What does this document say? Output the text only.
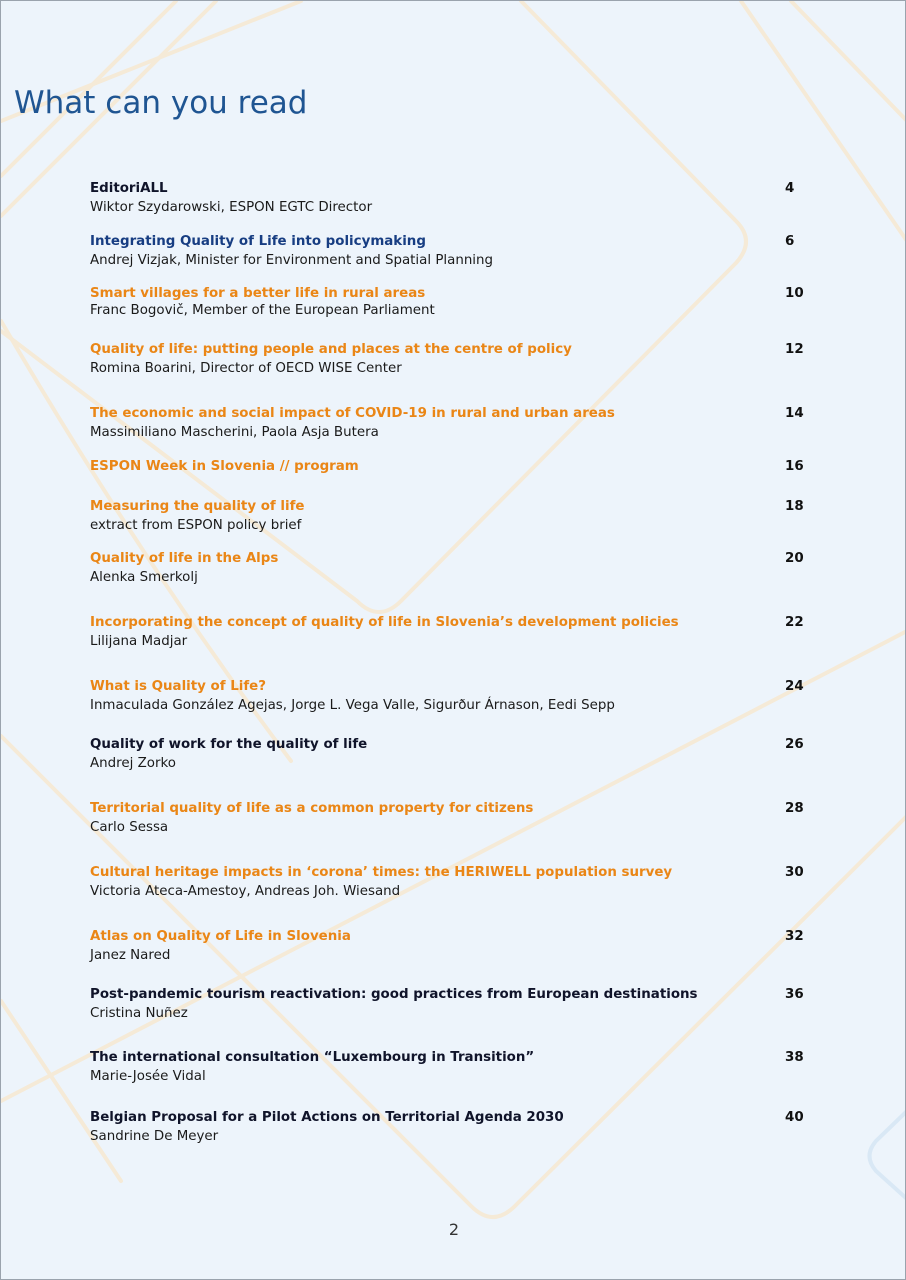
What can you read
EditoriALL
Wiktor Szydarowski, ESPON EGTC Director
4
Integrating Quality of Life into policymaking
Andrej Vizjak, Minister for Environment and Spatial Planning
6
Smart villages for a better life in rural areas
Franc Bogovič, Member of the European Parliament
10
Quality of life: putting people and places at the centre of policy
Romina Boarini, Director of OECD WISE Center
12
The economic and social impact of COVID-19 in rural and urban areas
Massimiliano Mascherini, Paola Asja Butera
14
ESPON Week in Slovenia // program	16
Measuring the quality of life
extract from ESPON policy brief
18
Quality of life in the Alps
Alenka Smerkolj
20
Incorporating the concept of quality of life in Slovenia’s development policies
Lilijana Madjar
22
What is Quality of Life?
Inmaculada González Agejas, Jorge L. Vega Valle, Sigurður Árnason, Eedi Sepp
24
Quality of work for the quality of life
Andrej Zorko
26
Territorial quality of life as a common property for citizens
Carlo Sessa
28
Cultural heritage impacts in ‘corona’ times: the HERIWELL population survey
Victoria Ateca-Amestoy, Andreas Joh. Wiesand
30
Atlas on Quality of Life in Slovenia
Janez Nared
32
Post-pandemic tourism reactivation: good practices from European destinations
Cristina Nuñez
36
The international consultation “Luxembourg in Transition”
Marie-Josée Vidal
38
Belgian Proposal for a Pilot Actions on Territorial Agenda 2030
Sandrine De Meyer
40
2
